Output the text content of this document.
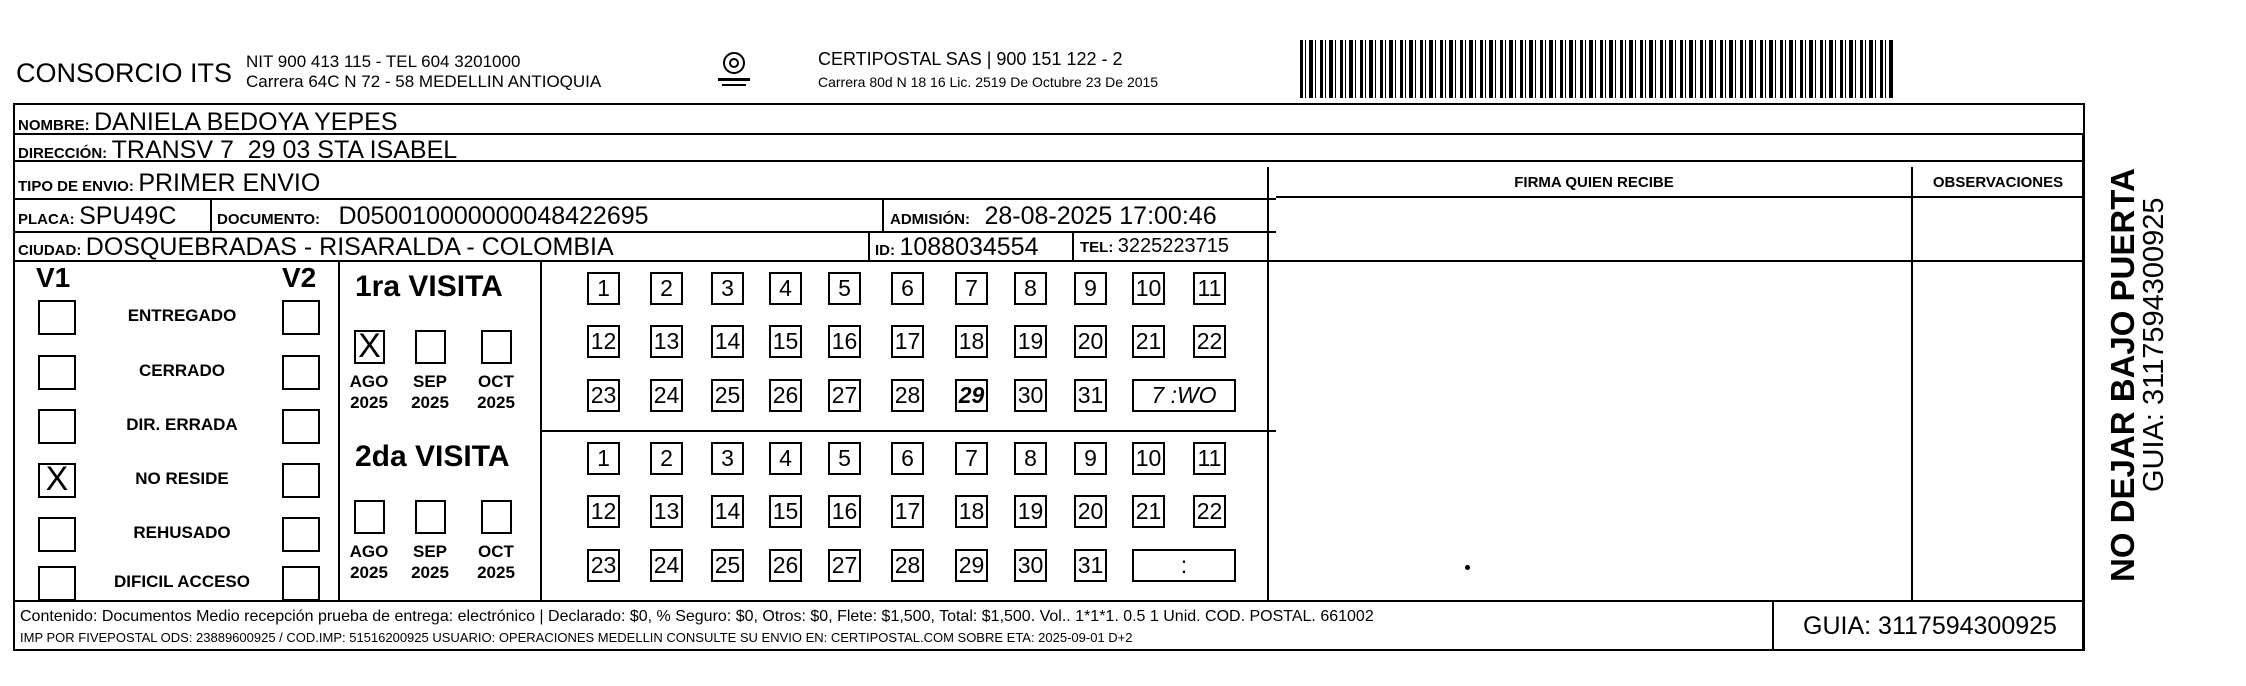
CONSORCIO ITS NIT 900 413 115 - TEL 604 3201000
Carrera 64C N 72 - 58 MEDELLIN ANTIOQUIA
CERTIPOSTAL SAS | 900 151 122 - 2
Carrera 80d N 18 16 Lic. 2519 De Octubre 23 De 2015
NOMBRE: DANIELA BEDOYA YEPES
DIRECCIÓN: TRANSV 7  29 03 STA ISABEL
TIPO DE ENVIO: PRIMER ENVIO	FIRMA QUIEN RECIBE	OBSERVACIONES
PLACA: SPU49C	DOCUMENTO: D050010000000048422695	ADMISIÓN: 28-08-2025 17:00:46
CIUDAD: DOSQUEBRADAS - RISARALDA - COLOMBIA	ID: 1088034554	TEL: 3225223715
V1	V2
ENTREGADO
CERRADO
DIR. ERRADA
X	NO RESIDE
REHUSADO
DIFICIL ACCESO
1ra VISITA
X
AGO
2025
SEP
2025
OCT
2025
1	2	3	4	5	6	7	8	9	10 11
12 13 14 15 16 17 18 19 20 21 22
23 24 25 26 27 28 29 30 31	7 :WO
2da VISITA
AGO
2025
SEP
2025
OCT
2025
1	2	3	4	5	6	7	8	9	10 11
12 13 14 15 16 17 18 19 20 21 22
23 24 25 26 27 28 29 30 31	:
Contenido: Documentos Medio recepción prueba de entrega: electrónico | Declarado: $0, % Seguro: $0, Otros: $0, Flete: $1,500, Total: $1,500. Vol.. 1*1*1. 0.5 1 Unid. COD. POSTAL. 661002
IMP POR FIVEPOSTAL ODS: 23889600925 / COD.IMP: 51516200925 USUARIO: OPERACIONES MEDELLIN CONSULTE SU ENVIO EN: CERTIPOSTAL.COM SOBRE ETA: 2025-09-01 D+2	GUIA: 3117594300925
NO DEJAR BAJO PUERTA
GUIA: 3117594300925
